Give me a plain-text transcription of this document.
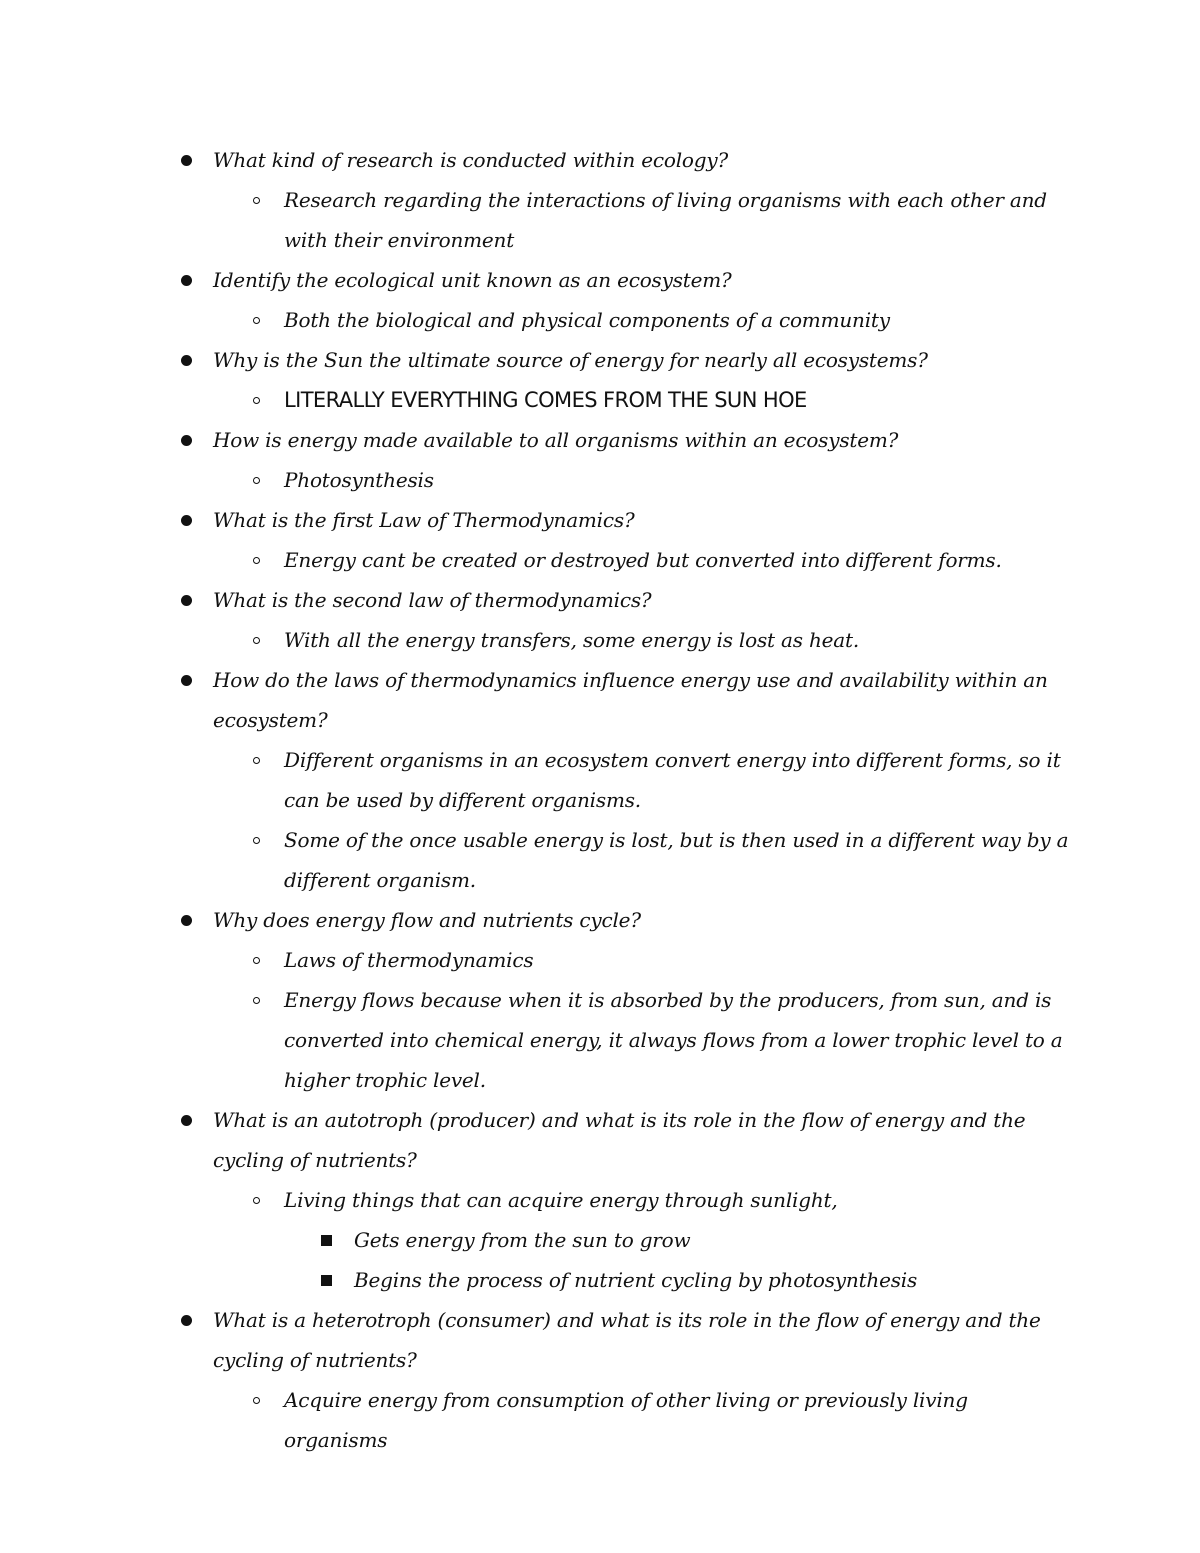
What kind of research is conducted within ecology?
Research regarding the interactions of living organisms with each other and with their environment
Identify the ecological unit known as an ecosystem?
Both the biological and physical components of a community
Why is the Sun the ultimate source of energy for nearly all ecosystems?
LITERALLY EVERYTHING COMES FROM THE SUN HOE
How is energy made available to all organisms within an ecosystem?
Photosynthesis
What is the first Law of Thermodynamics?
Energy cant be created or destroyed but converted into different forms.
What is the second law of thermodynamics?
With all the energy transfers, some energy is lost as heat.
How do the laws of thermodynamics influence energy use and availability within an ecosystem?
Different organisms in an ecosystem convert energy into different forms, so it can be used by different organisms.
Some of the once usable energy is lost, but is then used in a different way by a different organism.
Why does energy flow and nutrients cycle?
Laws of thermodynamics
Energy flows because when it is absorbed by the producers, from sun, and is converted into chemical energy, it always flows from a lower trophic level to a higher trophic level.
What is an autotroph (producer) and what is its role in the flow of energy and the cycling of nutrients?
Living things that can acquire energy through sunlight,
Gets energy from the sun to grow
Begins the process of nutrient cycling by photosynthesis
What is a heterotroph (consumer) and what is its role in the flow of energy and the cycling of nutrients?
Acquire energy from consumption of other living or previously living organisms
